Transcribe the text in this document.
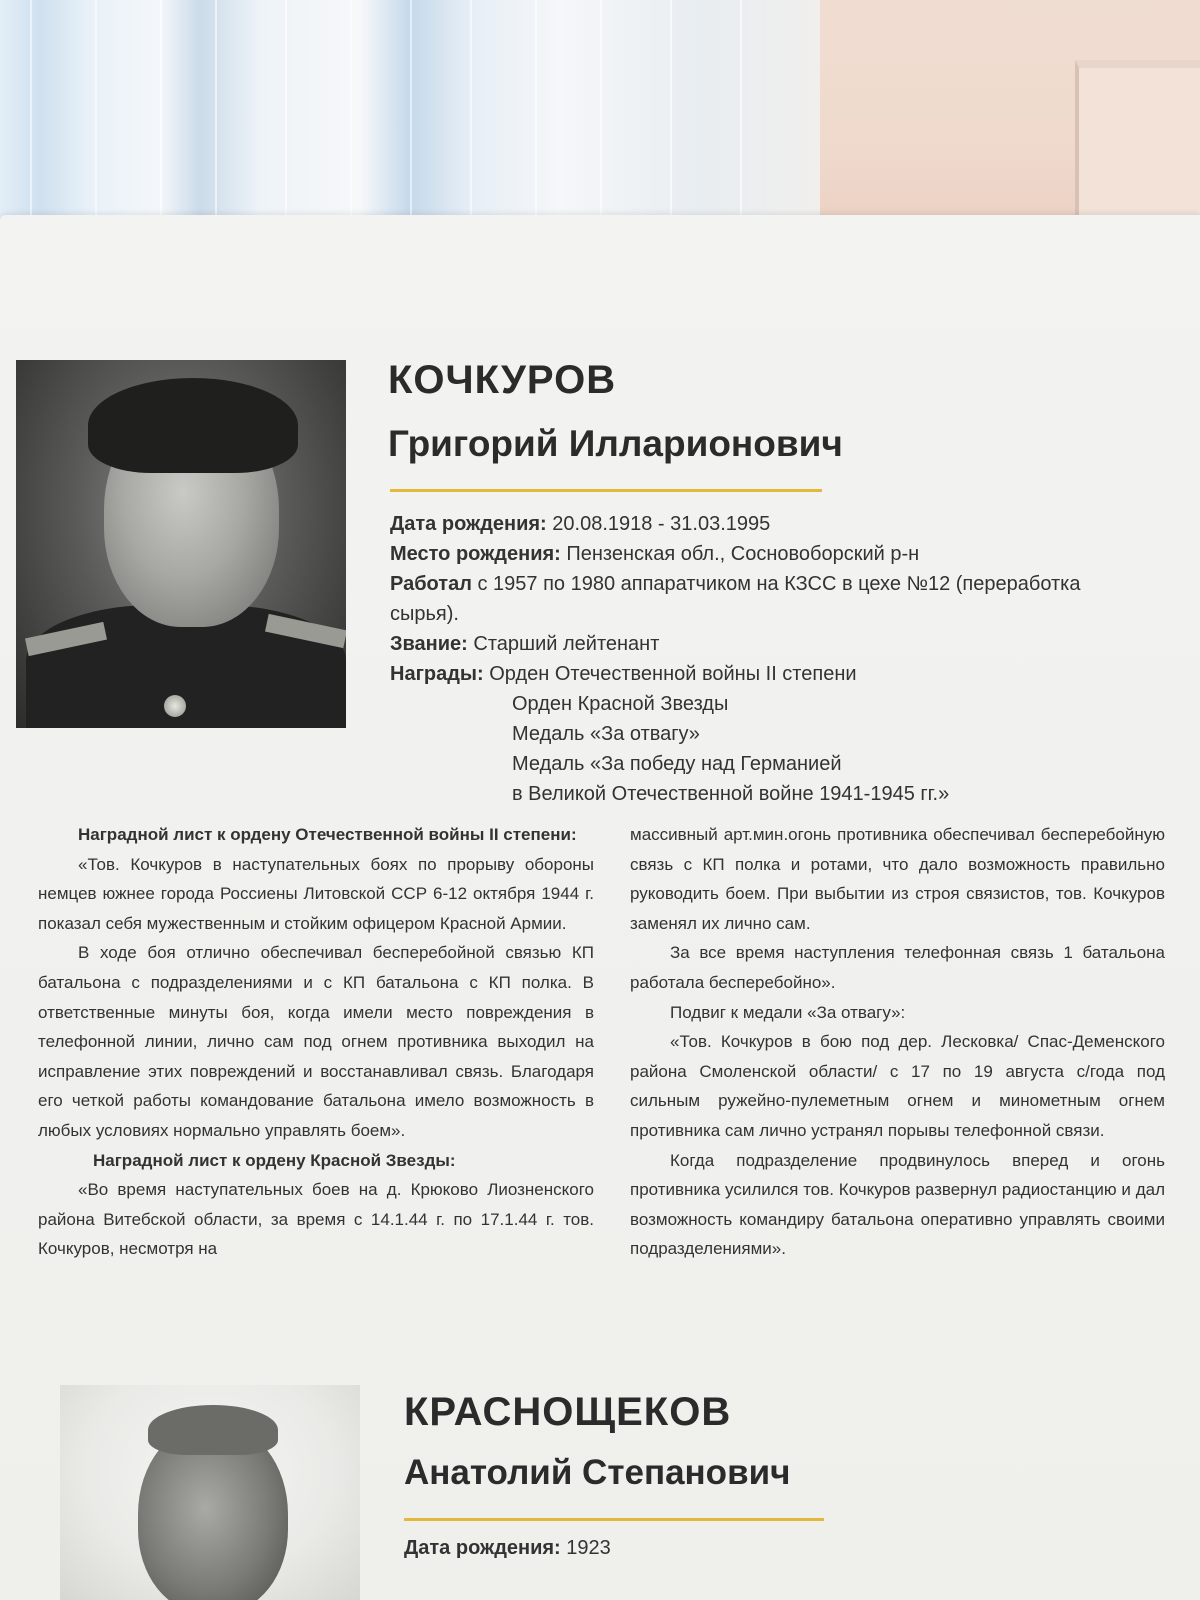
КОЧКУРОВ
Григорий Илларионович
Дата рождения: 20.08.1918 - 31.03.1995
Место рождения: Пензенская обл., Сосновоборский р-н
Работал с 1957 по 1980 аппаратчиком на КЗСС в цехе №12 (переработка
сырья).
Звание: Старший лейтенант
Награды: Орден Отечественной войны II степени
Орден Красной Звезды
Медаль «За отвагу»
Медаль «За победу над Германией
в Великой Отечественной войне 1941-1945 гг.»

Наградной лист к ордену Отечественной войны II степени:

«Тов. Кочкуров в наступательных боях по прорыву обороны немцев южнее города Россиены Литовской ССР 6-12 октября 1944 г. показал себя мужественным и стойким офицером Красной Армии.

В ходе боя отлично обеспечивал бесперебойной связью КП батальона с подразделениями и с КП батальона с КП полка. В ответственные минуты боя, когда имели место повреждения в телефонной линии, лично сам под огнем противника выходил на исправление этих повреждений и восстанавливал связь. Благодаря его четкой работы командование батальона имело возможность в любых условиях нормально управлять боем».

Наградной лист к ордену Красной Звезды:

«Во время наступательных боев на д. Крюково Лиозненского района Витебской области, за время с 14.1.44 г. по 17.1.44 г. тов. Кочкуров, несмотря на

массивный арт.мин.огонь противника обеспечивал бесперебойную связь с КП полка и ротами, что дало возможность правильно руководить боем. При выбытии из строя связистов, тов. Кочкуров заменял их лично сам.

За все время наступления телефонная связь 1 батальона работала бесперебойно».

Подвиг к медали «За отвагу»:

«Тов. Кочкуров в бою под дер. Лесковка/ Спас-Деменского района Смоленской области/ с 17 по 19 августа с/года под сильным ружейно-пулеметным огнем и минометным огнем противника сам лично устранял порывы телефонной связи.

Когда подразделение продвинулось вперед и огонь противника усилился тов. Кочкуров развернул радиостанцию и дал возможность командиру батальона оперативно управлять своими подразделениями».

КРАСНОЩЕКОВ
Анатолий Степанович
Дата рождения: 1923
